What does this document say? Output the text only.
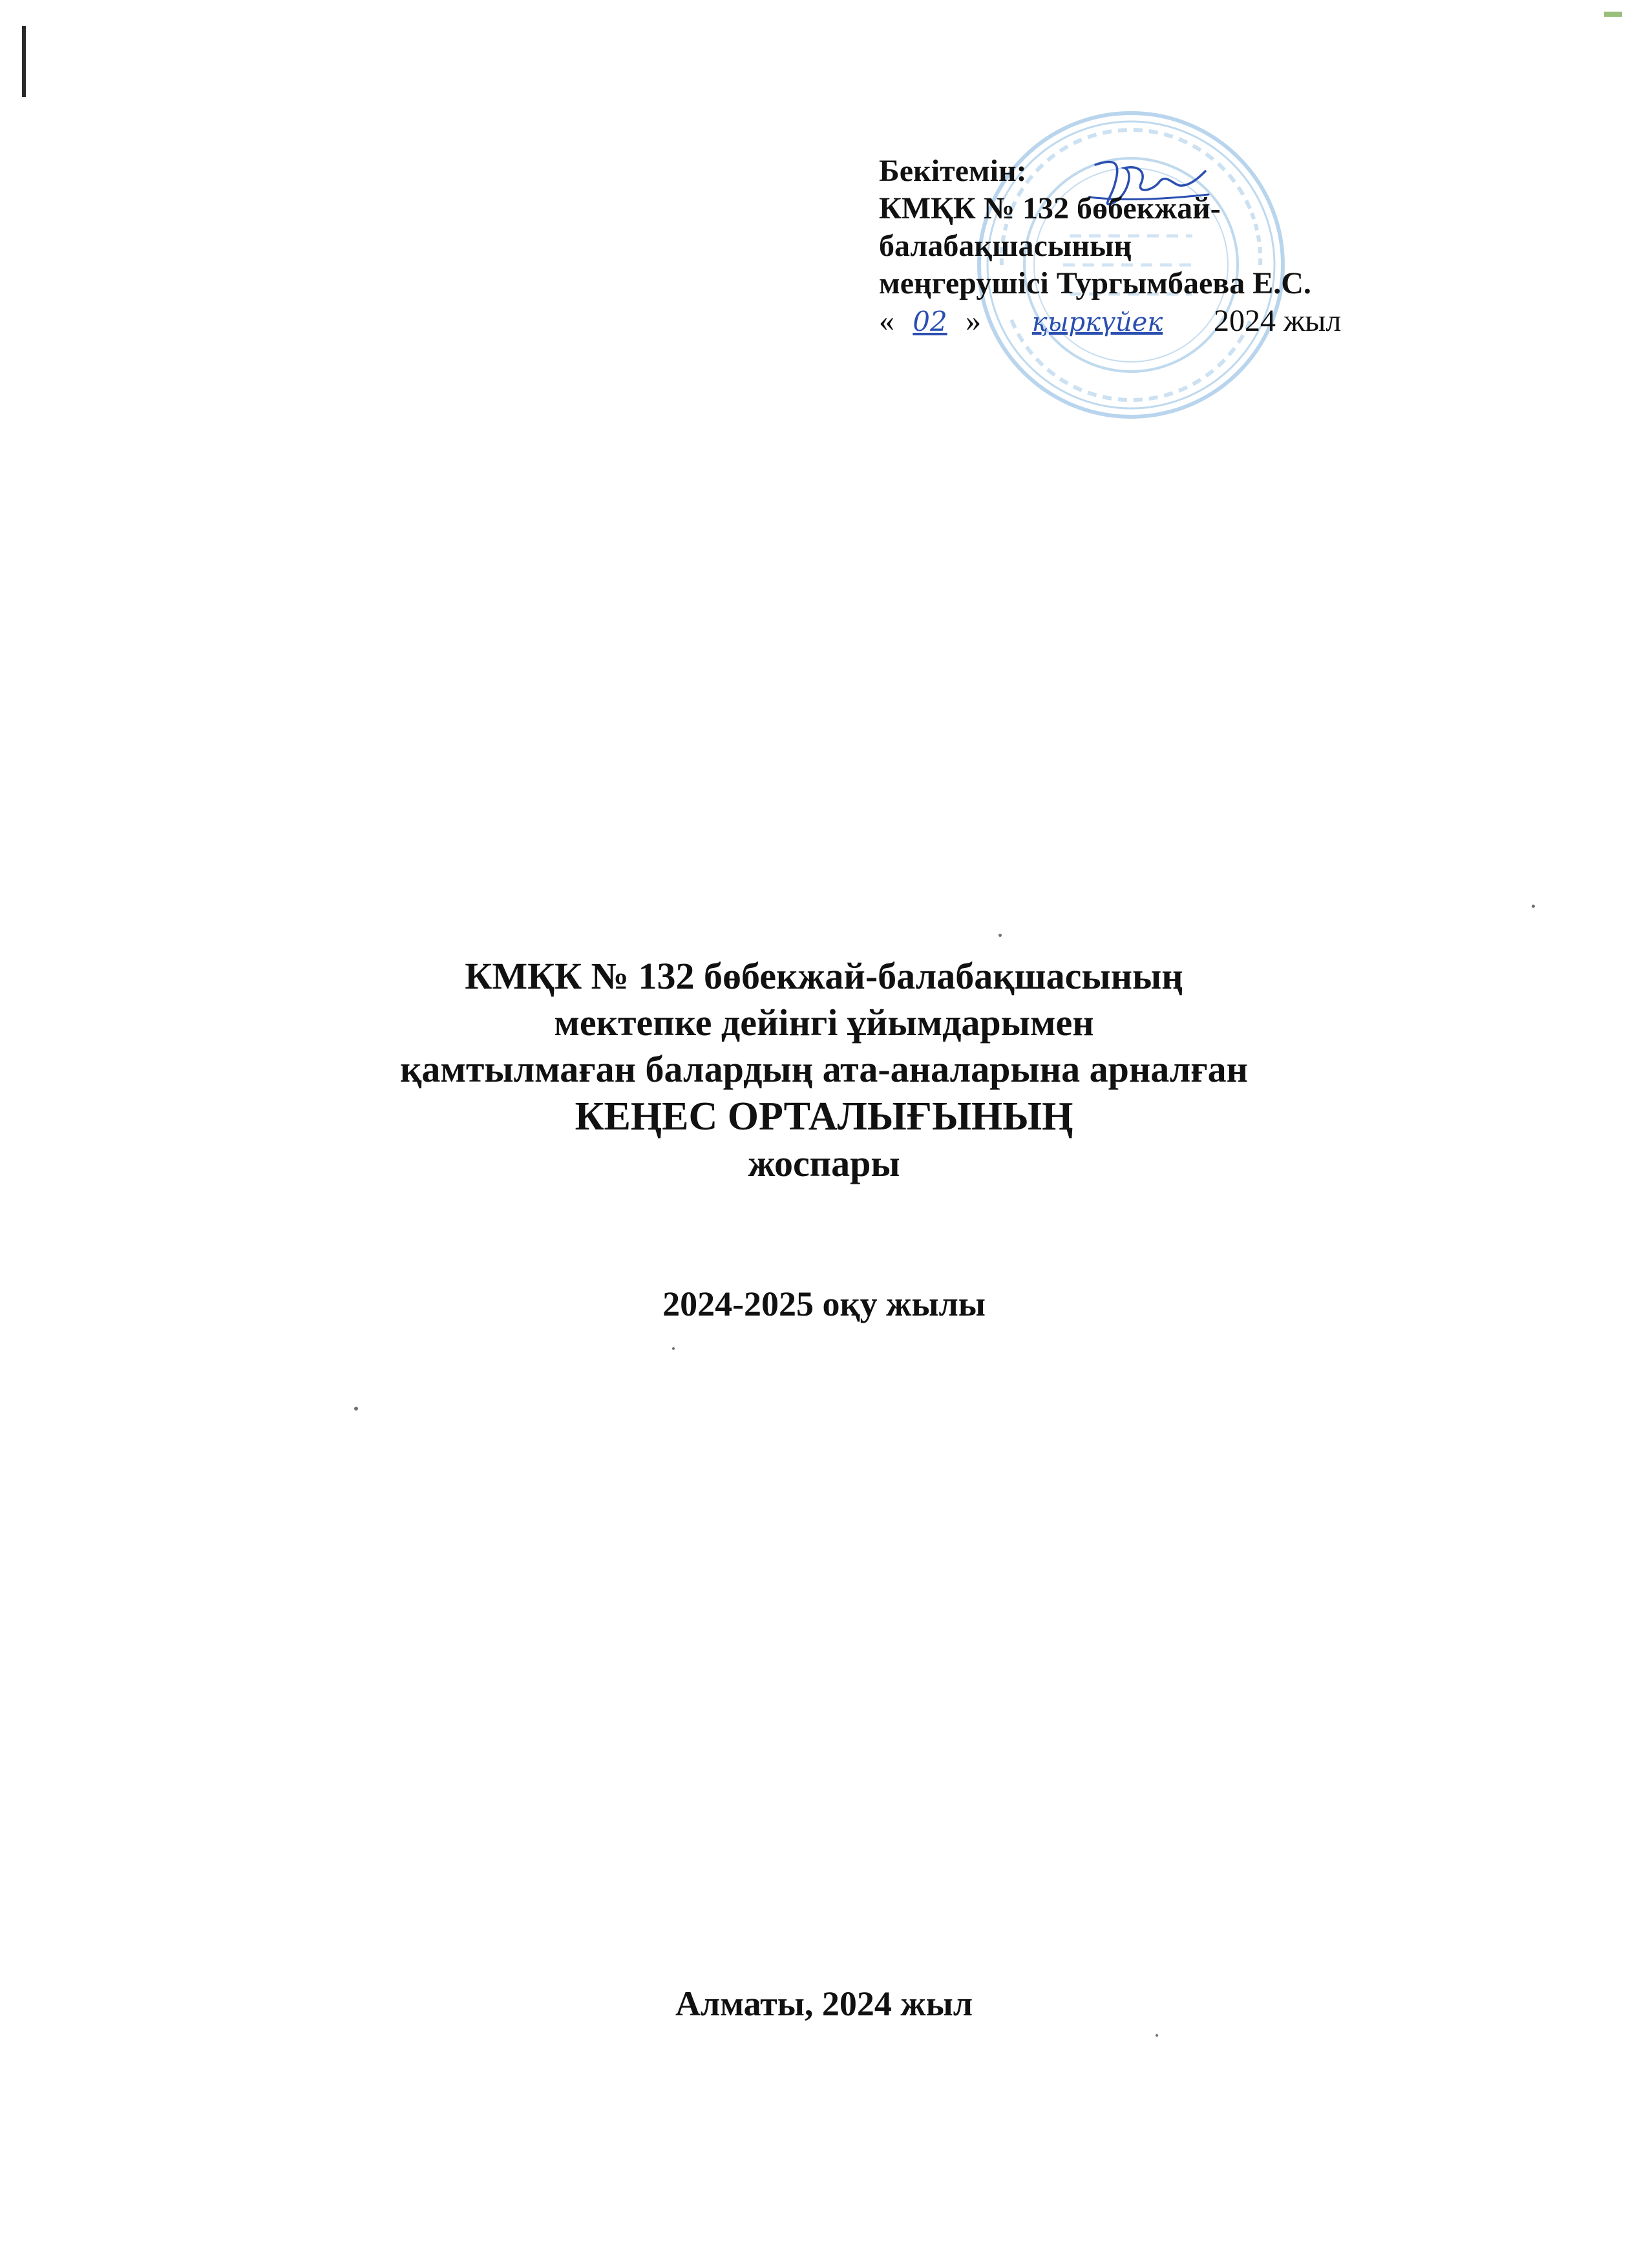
Бекітемін:
КМҚК № 132 бөбекжай-
балабақшасының
меңгерушісі Тургымбаева Е.С.
« 02 » қыркүйек 2024 жыл
КМҚК № 132 бөбекжай-балабақшасының
мектепке дейінгі ұйымдарымен
қамтылмаған балардың ата-аналарына арналған
КЕҢЕС ОРТАЛЫҒЫНЫҢ
жоспары
2024-2025 оқу жылы
Алматы, 2024 жыл
